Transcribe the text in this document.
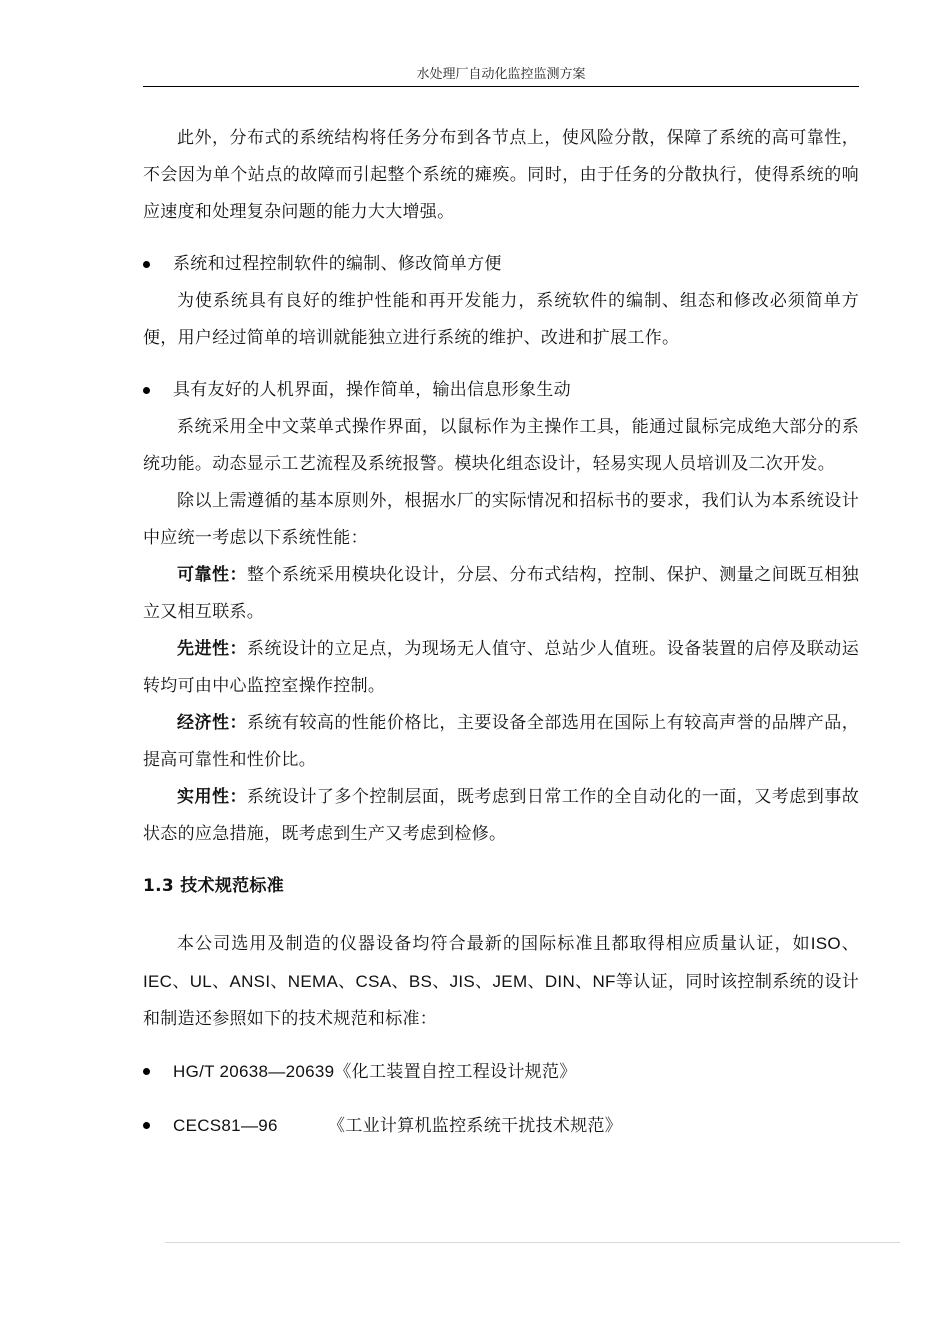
水处理厂自动化监控监测方案

此外，分布式的系统结构将任务分布到各节点上，使风险分散，保障了系统的高可靠性，不会因为单个站点的故障而引起整个系统的瘫痪。同时，由于任务的分散执行，使得系统的响应速度和处理复杂问题的能力大大增强。

系统和过程控制软件的编制、修改简单方便

为使系统具有良好的维护性能和再开发能力，系统软件的编制、组态和修改必须简单方便，用户经过简单的培训就能独立进行系统的维护、改进和扩展工作。

具有友好的人机界面，操作简单，输出信息形象生动

系统采用全中文菜单式操作界面，以鼠标作为主操作工具，能通过鼠标完成绝大部分的系统功能。动态显示工艺流程及系统报警。模块化组态设计，轻易实现人员培训及二次开发。

除以上需遵循的基本原则外，根据水厂的实际情况和招标书的要求，我们认为本系统设计中应统一考虑以下系统性能：

可靠性：整个系统采用模块化设计，分层、分布式结构，控制、保护、测量之间既互相独立又相互联系。

先进性：系统设计的立足点，为现场无人值守、总站少人值班。设备装置的启停及联动运转均可由中心监控室操作控制。

经济性：系统有较高的性能价格比，主要设备全部选用在国际上有较高声誉的品牌产品，提高可靠性和性价比。

实用性：系统设计了多个控制层面，既考虑到日常工作的全自动化的一面，又考虑到事故状态的应急措施，既考虑到生产又考虑到检修。

1.3 技术规范标准

本公司选用及制造的仪器设备均符合最新的国际标准且都取得相应质量认证，如ISO、IEC、UL、ANSI、NEMA、CSA、BS、JIS、JEM、DIN、NF等认证，同时该控制系统的设计和制造还参照如下的技术规范和标准：

HG/T 20638—20639《化工装置自控工程设计规范》

CECS81—96	《工业计算机监控系统干扰技术规范》
